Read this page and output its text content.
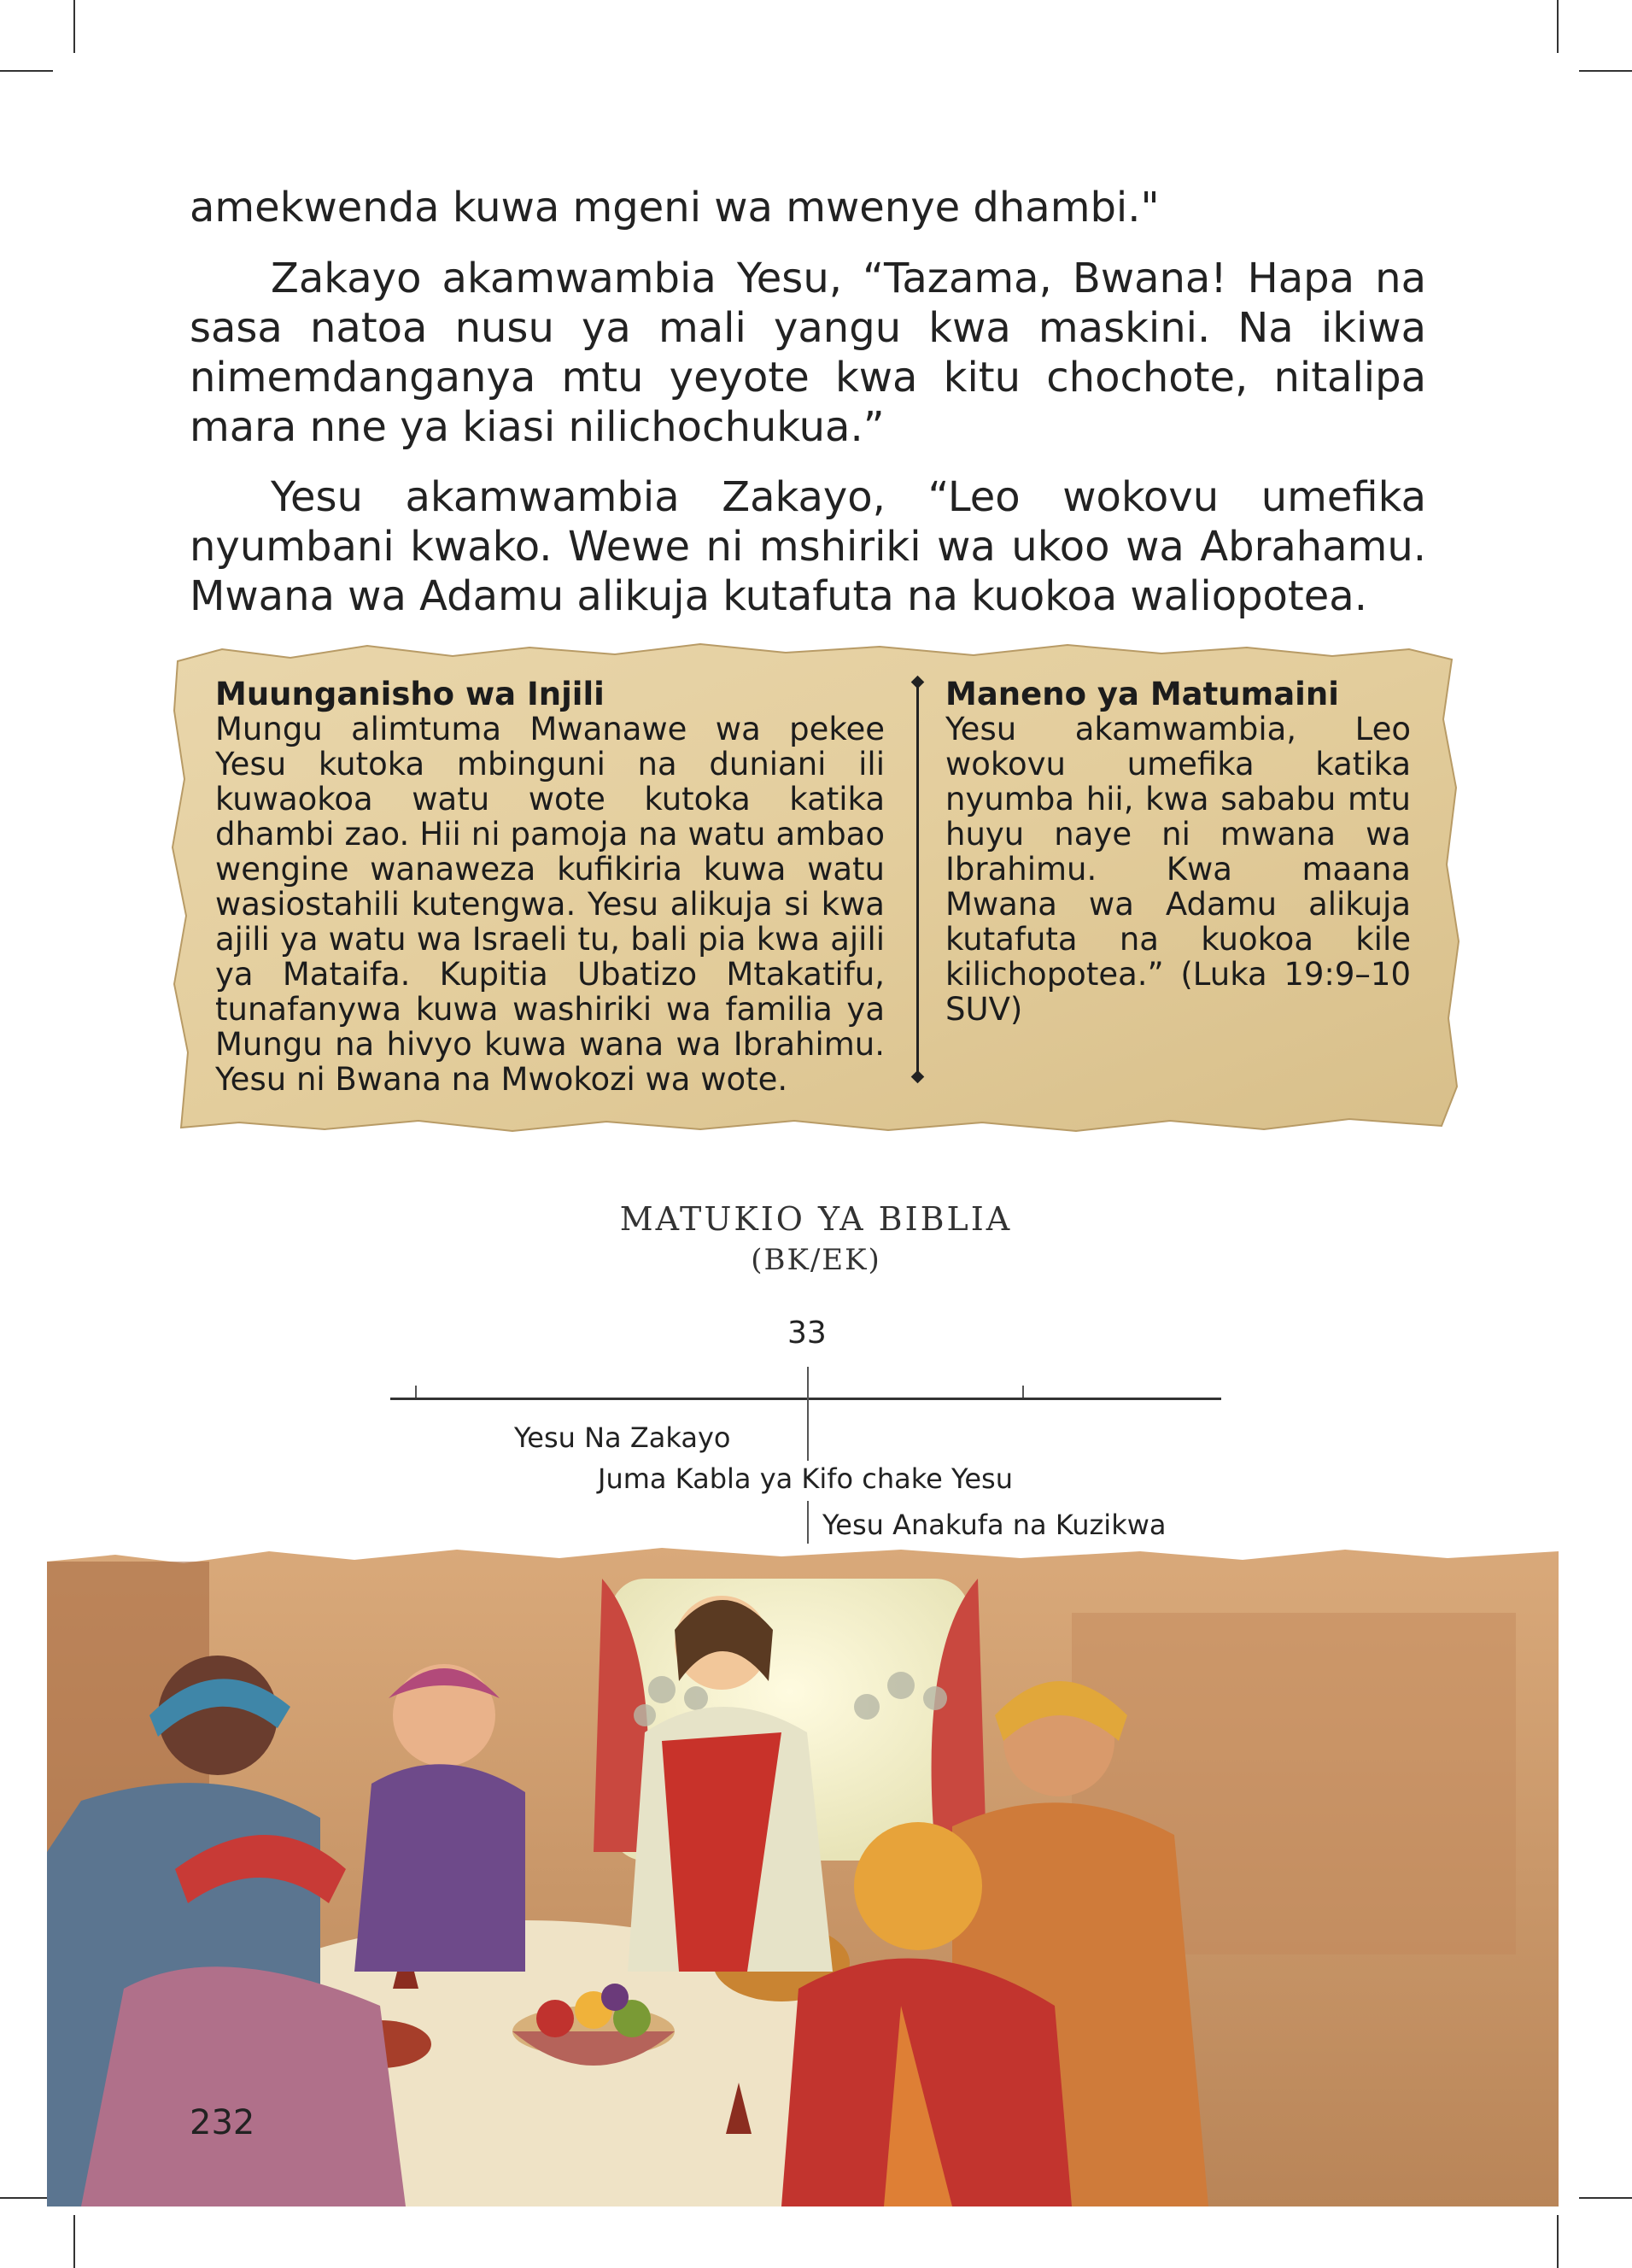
amekwenda kuwa mgeni wa mwenye dhambi."

Zakayo akamwambia Yesu, “Tazama, Bwana! Hapa na sasa natoa nusu ya mali yangu kwa maskini. Na ikiwa nimemdanganya mtu yeyote kwa kitu chochote, nitalipa mara nne ya kiasi nilichochukua.”

Yesu akamwambia Zakayo, “Leo wokovu umefika nyumbani kwako. Wewe ni mshiriki wa ukoo wa Abrahamu. Mwana wa Adamu alikuja kutafuta na kuokoa waliopotea.

Muunganisho wa Injili
Mungu alimtuma Mwanawe wa pekee Yesu kutoka mbinguni na duniani ili kuwaokoa watu wote kutoka katika dhambi zao. Hii ni pamoja na watu ambao wengine wanaweza kufikiria kuwa watu wasiostahili kutengwa. Yesu alikuja si kwa ajili ya watu wa Israeli tu, bali pia kwa ajili ya Mataifa. Kupitia Ubatizo Mtakatifu, tunafanywa kuwa washiriki wa familia ya Mungu na hivyo kuwa wana wa Ibrahimu. Yesu ni Bwana na Mwokozi wa wote.
Maneno ya Matumaini
Yesu akamwambia, Leo wokovu umefika katika nyumba hii, kwa sababu mtu huyu naye ni mwana wa Ibrahimu. Kwa maana Mwana wa Adamu alikuja kutafuta na kuokoa kile kilichopotea.” (Luka 19:9–10 SUV)
MATUKIO YA BIBLIA
(BK/EK)
33
Yesu Na Zakayo
Juma Kabla ya Kifo chake Yesu
Yesu Anakufa na Kuzikwa
232
